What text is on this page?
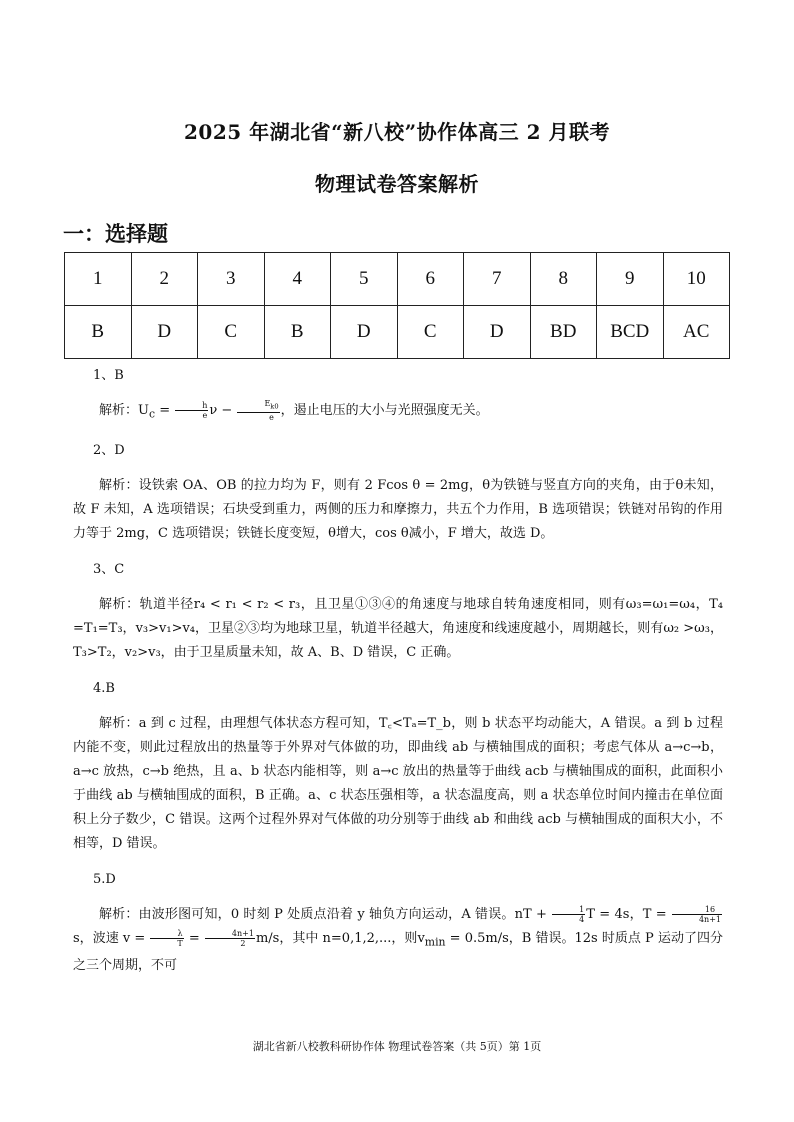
2025 年湖北省“新八校”协作体高三 2 月联考
物理试卷答案解析
一：选择题
1	2	3	4	5	6	7	8	9	10
B	D	C	B	D	C	D	BD	BCD	AC

1、B

解析：$U_c = \frac{h}{e}$ $\nu - \frac{E_{k0}}{e}$ ，遏止电压的大小与光照强度无关。

2、D

解析：设铁索 OA、OB 的拉力均为 F，则有 2 Fcos θ = 2mg，θ为铁链与竖直方向的夹角，由于θ未知，故 F 未知，A 选项错误；石块受到重力，两侧的压力和摩擦力，共五个力作用，B 选项错误；铁链对吊钩的作用力等于 2mg，C 选项错误；铁链长度变短，θ增大，cos θ减小，F 增大，故选 D。

3、C

解析：轨道半径r₄ < r₁ < r₂ < r₃，且卫星①③④的角速度与地球自转角速度相同，则有ω₃=ω₁=ω₄，T₄ =T₁=T₃，v₃>v₁>v₄，卫星②③均为地球卫星，轨道半径越大，角速度和线速度越小，周期越长，则有ω₂ >ω₃， T₃>T₂，v₂>v₃，由于卫星质量未知，故 A、B、D 错误，C 正确。

4.B

解析：a 到 c 过程，由理想气体状态方程可知，T꜀<Tₐ=T_b，则 b 状态平均动能大，A 错误。a 到 b 过程内能不变，则此过程放出的热量等于外界对气体做的功，即曲线 ab 与横轴围成的面积；考虑气体从 a→c→b，a→c 放热，c→b 绝热，且 a、b 状态内能相等，则 a→c 放出的热量等于曲线 acb 与横轴围成的面积，此面积小于曲线 ab 与横轴围成的面积，B 正确。a、c 状态压强相等，a 状态温度高，则 a 状态单位时间内撞击在单位面积上分子数少，C 错误。这两个过程外界对气体做的功分别等于曲线 ab 和曲线 acb 与横轴围成的面积大小，不相等，D 错误。

5.D

解析：由波形图可知，0 时刻 P 处质点沿着 y 轴负方向运动，A 错误。nT + $\frac{1}{4}$ T = 4s，$T = \frac{16}{4n+1}$
s，波速 $v = \frac{\lambda}{T} = \frac{4n+1}{2} m/s$，其中 n=0,1,2,...，则$v_{min} = 0.5m/s$，B 错误。12s 时质点 P 运动了四分之三个周期，不可

湖北省新八校教科研协作体 物理试卷答案（共 5页）第 1页
